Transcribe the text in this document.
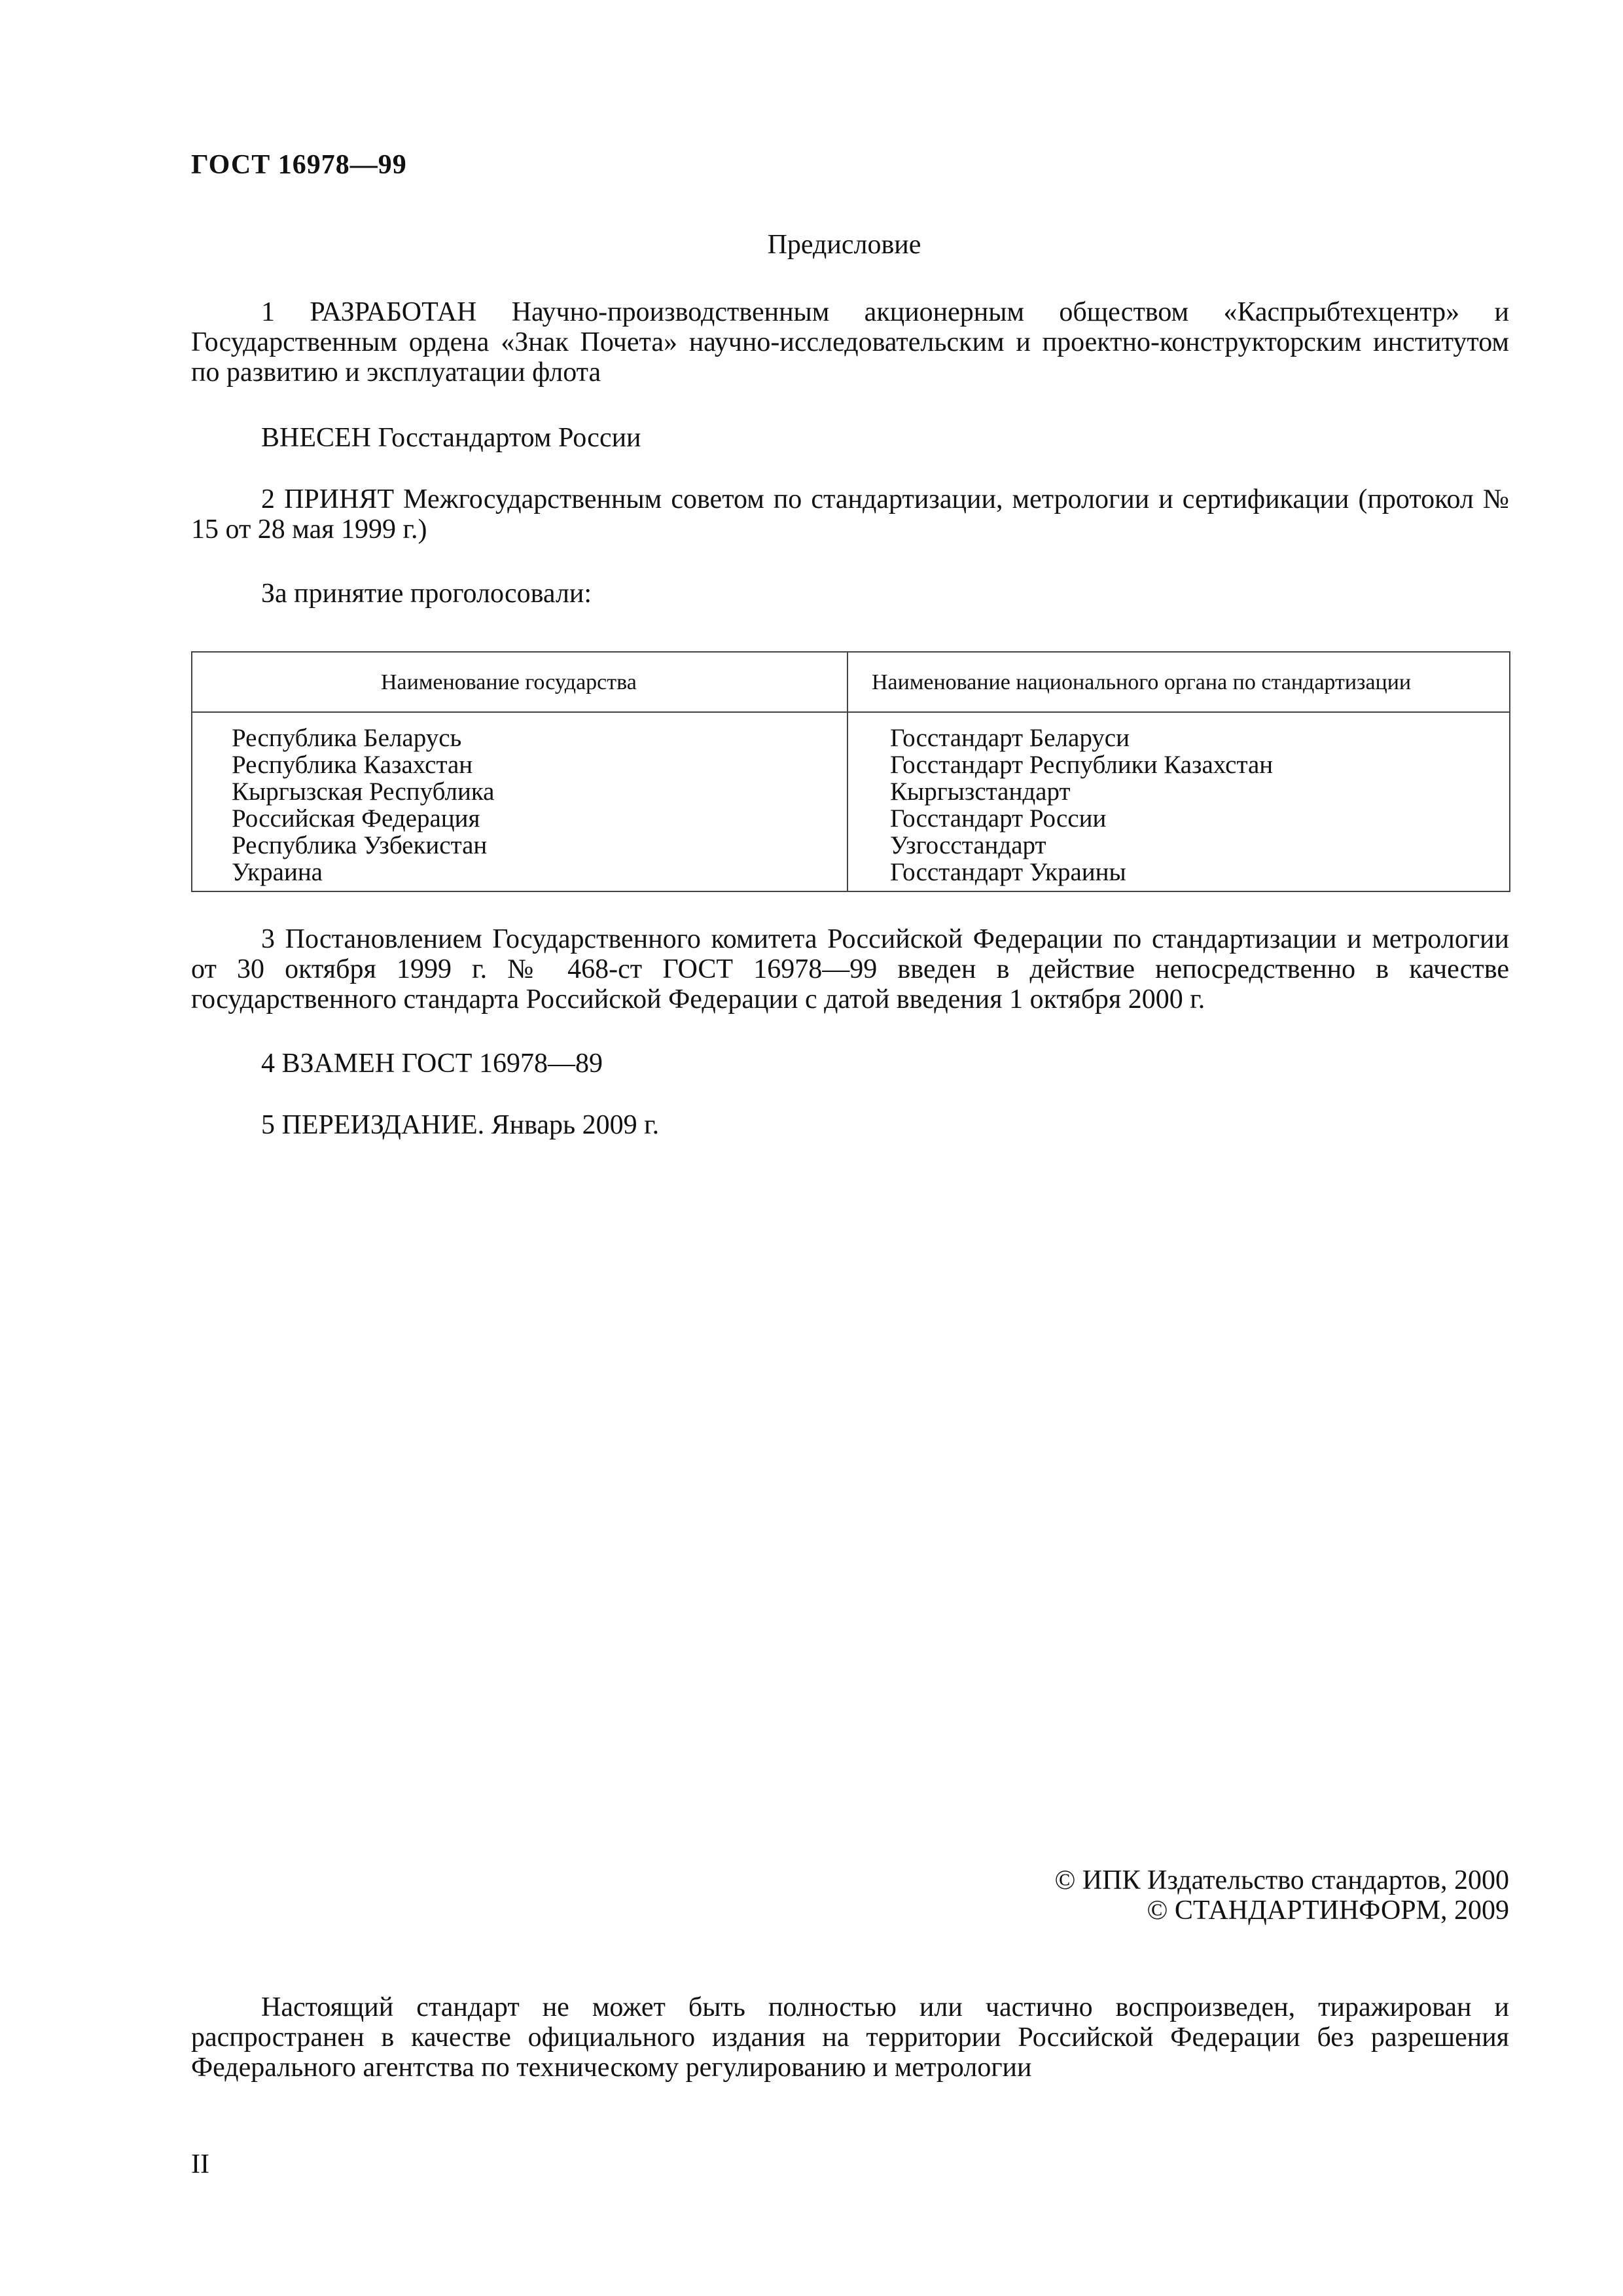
ГОСТ 16978—99

Предисловие

1 РАЗРАБОТАН Научно-производственным акционерным обществом «Каспрыбтехцентр» и Государственным ордена «Знак Почета» научно-исследовательским и проектно-конструкторским институтом по развитию и эксплуатации флота

ВНЕСЕН Госстандартом России

2 ПРИНЯТ Межгосударственным советом по стандартизации, метрологии и сертификации (протокол № 15 от 28 мая 1999 г.)

За принятие проголосовали:

Наименование государства	Наименование национального органа по стандартизации

Республика Беларусь
Республика Казахстан
Кыргызская Республика
Российская Федерация
Республика Узбекистан
Украина
Госстандарт Беларуси
Госстандарт Республики Казахстан
Кыргызстандарт
Госстандарт России
Узгосстандарт
Госстандарт Украины

3 Постановлением Государственного комитета Российской Федерации по стандартизации и метрологии от 30 октября 1999 г. № 468-ст ГОСТ 16978—99 введен в действие непосредственно в качестве государственного стандарта Российской Федерации с датой введения 1 октября 2000 г.

4 ВЗАМЕН ГОСТ 16978—89

5 ПЕРЕИЗДАНИЕ. Январь 2009 г.

© ИПК Издательство стандартов, 2000
© СТАНДАРТИНФОРМ, 2009

Настоящий стандарт не может быть полностью или частично воспроизведен, тиражирован и распространен в качестве официального издания на территории Российской Федерации без разрешения Федерального агентства по техническому регулированию и метрологии

II
